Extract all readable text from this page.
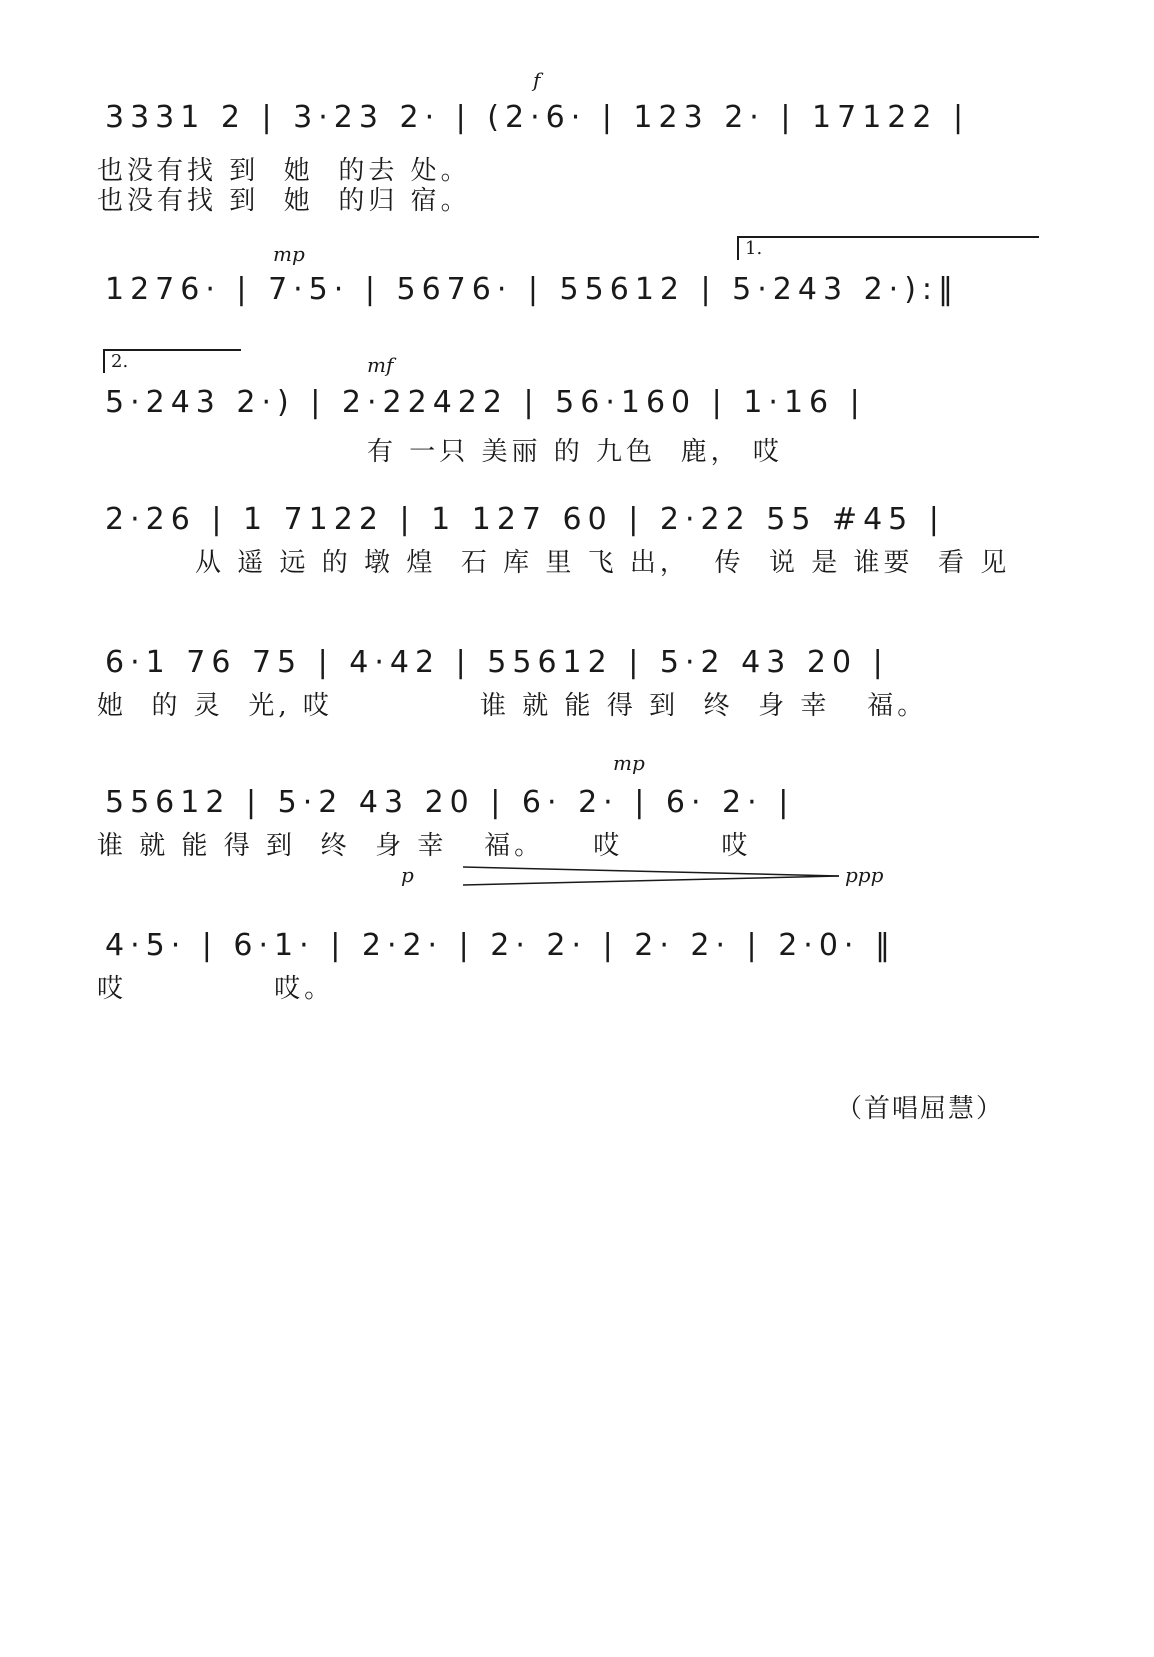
f
3331 2 | 3·23 2· | (2·6· | 123 2· | 17122 |
也没有找 到  她  的去 处。
也没有找 到  她  的归 宿。
mp	1.
1276· | 7·5· | 5676· | 55612 | 5·243 2·):‖
mf
2.
5·243 2·) | 2·22422 | 56·160 | 1·16 |
有 一只 美丽 的 九色  鹿， 哎
2·26 | 1 7122 | 1 127 60 | 2·22 55 #45 |
从 遥 远 的 墩 煌  石 库 里 飞 出，  传  说 是 谁要  看 见
6·1 76 75 | 4·42 | 55612 | 5·2 43 20 |
她  的 灵  光, 哎            谁 就 能 得 到  终  身 幸   福。
mp
55612 | 5·2 43 20 | 6· 2· | 6· 2· |
谁 就 能 得 到  终  身 幸   福。    哎        哎
p	ppp
4·5· | 6·1· | 2·2· | 2· 2· | 2· 2· | 2·0· ‖
哎            哎。
（首唱屈慧）
